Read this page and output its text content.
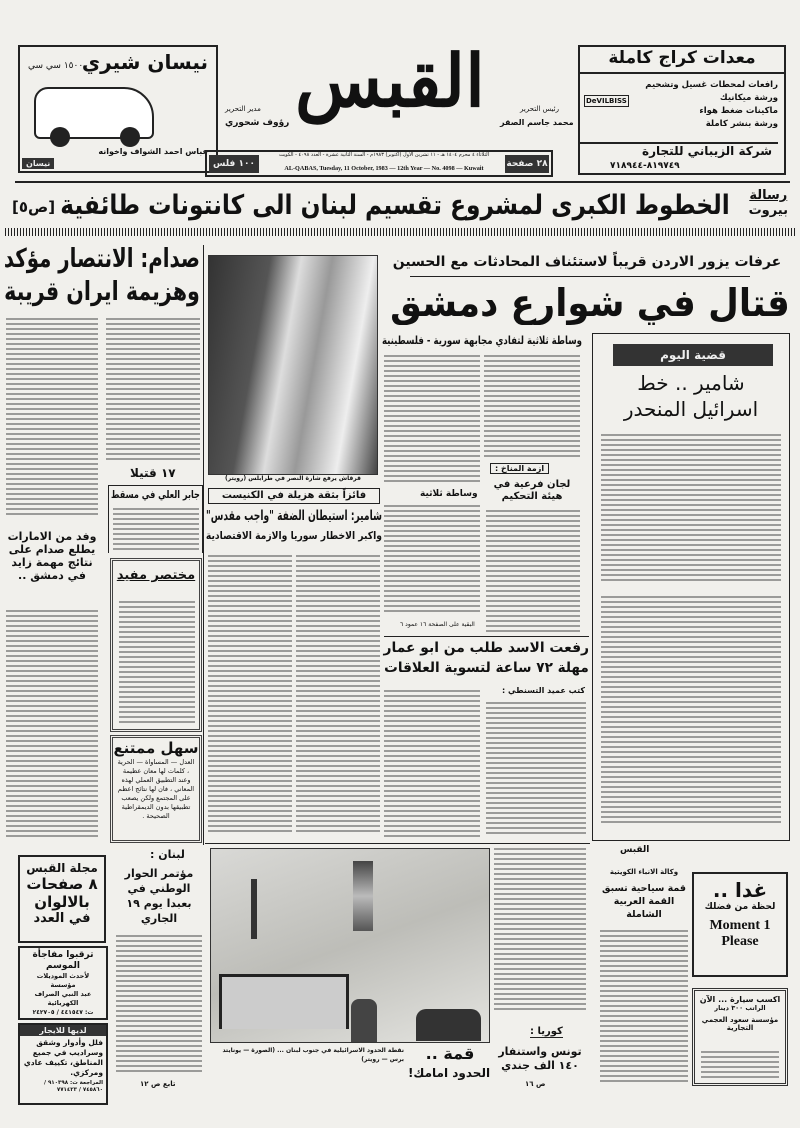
نيسان شيري
١٥٠٠ سي سي
عباس احمد الشواف واخوانه
نيسان
مدير التحرير
رؤوف شحوري القبس	رئيس التحرير
محمد جاسم الصقر
١٠٠ فلس
الثلاثاء ٤ محرم ١٤٠٤ هـ - ١١ تشرين الاول (اكتوبر) ١٩٨٣م - السنة الثانية عشرة - العدد ٤٠٩٨ - الكويت
AL-QABAS, Tuesday, 11 October, 1983 — 12th Year — No. 4098 — Kuwait	٢٨ صفحة
معدات كراج كاملة
رافعات لمحطات غسيل وتشحيم
ورشة ميكانيك
ماكينات ضغط هواء
ورشة بنشر كاملة
DeVILBISS
شركة الزيباني للتجارة
٨١٩٧٤٩-٧١٨٩٤٤
رسالة
بيروت
الخطوط الكبرى لمشروع تقسيم لبنان الى كانتونات طائفية
[ص٥]
صدام: الانتصار مؤكد
وهزيمة ايران قريبة
١٧ قتيلا
جابر العلي في مسقط
وفد من الامارات يطلع صدام على نتائج مهمة زايد في دمشق ..	مختصر مفيد
سهل ممتنع
العدل — المساواة — الحرية ، كلمات لها معان عظيمة وعند التطبيق العملي لهذه المعاني ، فان لها نتائج اعظم على المجتمع ولكن يصعب تطبيقها بدون الديمقراطية الصحيحة .
مجلة القبس
٨ صفحات
بالالوان
في العدد
ترقبوا مفاجأة الموسم
لأحدث الموديلات
مؤسسة
عبد النبي الصراف الكهربائية
ت: ٤٤١٥٤٧ / ٢٤٢٧٠٥
لديها للايجار
فلل وأدوار وشقق وسراديب في جميع المناطق، تكييف عادي ومركزي.
المراجعة ت: ٩١٠٣٩٨ / ٧٤٥٨٦٠ / ٧٧١٤٢٣
قرقاش يرفع شارة النصر في طرابلس (رويتر)
عرفات يزور الاردن قريباً لاستئناف المحادثات مع الحسين
قتال في شوارع دمشق
وساطة ثلاثية لتفادي مجابهة سورية - فلسطينية
وساطة ثلاثية
ازمة المناخ :
لجان فرعية في هيئة التحكيم
قضية اليوم
شامير .. خط
اسرائيل المنحدر
القبس
فائزاً بثقة هزيلة في الكنيست
شامير: استيطان الضفة "واجب مقدس"
واكبر الاخطار سوريا والازمة الاقتصادية
البقية على الصفحة ١٦ عمود ٦
رفعت الاسد طلب من ابو عمار
مهلة ٧٢ ساعة لتسوية العلاقات
كتب عميد التسنطي :
لبنان :
مؤتمر الحوار الوطني في بعبدا يوم ١٩ الجاري
تابع ص ١٢
نقطة الحدود الاسرائيلية في جنوب لبنان ... (الصورة — يونايتد برس — رويتر)	قمة ..
الحدود امامك!
كوريا :
تونس واستنفار ١٤٠ الف جندي
ص ١٦
وكالة الانباء الكويتية
قمة سياحية تسبق القمة العربية الشاملة
غدا ..
لحظة من فضلك
1 Moment
Please
اكسب سيارة ... الآن
الراتب ٣٠٠ دينار
مؤسسة سعود العجمي التجارية
